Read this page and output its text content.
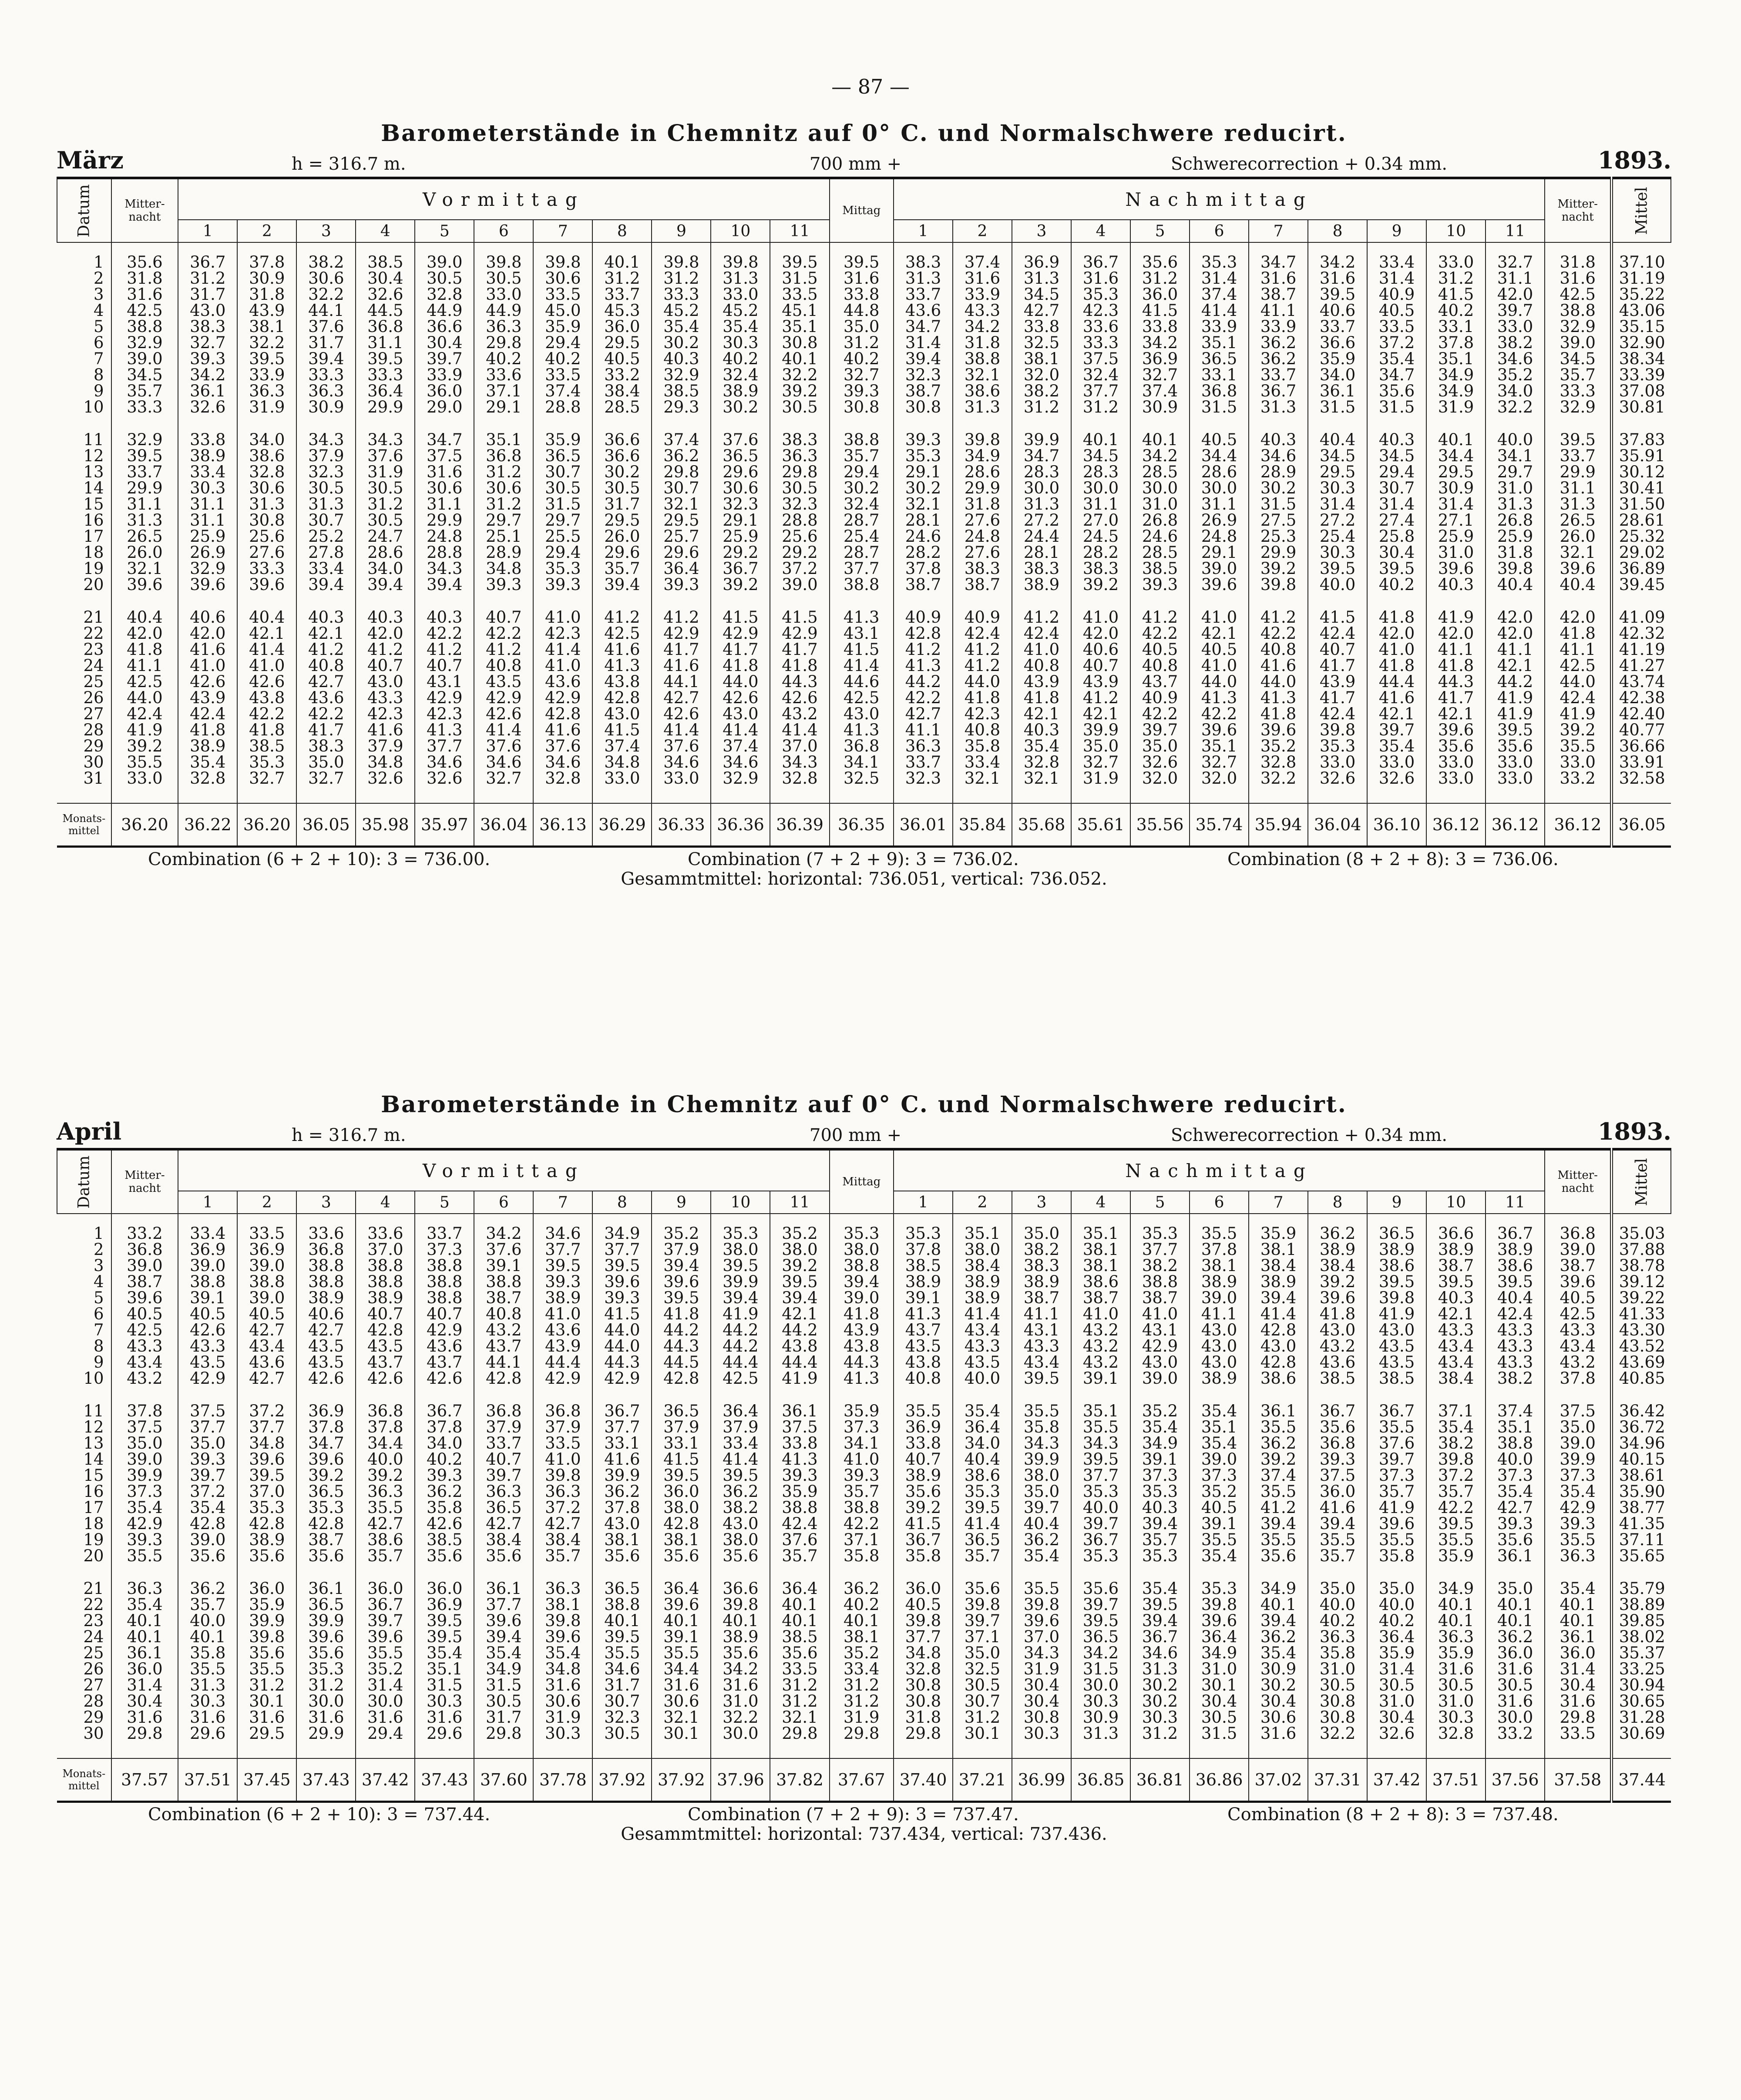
— 87 —
Barometerstände in Chemnitz auf 0° C. und Normalschwere reducirt.
März	h = 316.7 m.	700 mm +	Schwerecorrection + 0.34 mm.	1893.
Datum	Mitter-
nacht	Vormittag											Mittag	Nachmittag											Mitter-
nacht	Mittel
		1	2	3	4	5	6	7	8	9	10	11		1	2	3	4	5	6	7	8	9	10	11		

1	35.6	36.7	37.8	38.2	38.5	39.0	39.8	39.8	40.1	39.8	39.8	39.5	39.5	38.3	37.4	36.9	36.7	35.6	35.3	34.7	34.2	33.4	33.0	32.7	31.8	37.10
2	31.8	31.2	30.9	30.6	30.4	30.5	30.5	30.6	31.2	31.2	31.3	31.5	31.6	31.3	31.6	31.3	31.6	31.2	31.4	31.6	31.6	31.4	31.2	31.1	31.6	31.19
3	31.6	31.7	31.8	32.2	32.6	32.8	33.0	33.5	33.7	33.3	33.0	33.5	33.8	33.7	33.9	34.5	35.3	36.0	37.4	38.7	39.5	40.9	41.5	42.0	42.5	35.22
4	42.5	43.0	43.9	44.1	44.5	44.9	44.9	45.0	45.3	45.2	45.2	45.1	44.8	43.6	43.3	42.7	42.3	41.5	41.4	41.1	40.6	40.5	40.2	39.7	38.8	43.06
5	38.8	38.3	38.1	37.6	36.8	36.6	36.3	35.9	36.0	35.4	35.4	35.1	35.0	34.7	34.2	33.8	33.6	33.8	33.9	33.9	33.7	33.5	33.1	33.0	32.9	35.15
6	32.9	32.7	32.2	31.7	31.1	30.4	29.8	29.4	29.5	30.2	30.3	30.8	31.2	31.4	31.8	32.5	33.3	34.2	35.1	36.2	36.6	37.2	37.8	38.2	39.0	32.90
7	39.0	39.3	39.5	39.4	39.5	39.7	40.2	40.2	40.5	40.3	40.2	40.1	40.2	39.4	38.8	38.1	37.5	36.9	36.5	36.2	35.9	35.4	35.1	34.6	34.5	38.34
8	34.5	34.2	33.9	33.3	33.3	33.9	33.6	33.5	33.2	32.9	32.4	32.2	32.7	32.3	32.1	32.0	32.4	32.7	33.1	33.7	34.0	34.7	34.9	35.2	35.7	33.39
9	35.7	36.1	36.3	36.3	36.4	36.0	37.1	37.4	38.4	38.5	38.9	39.2	39.3	38.7	38.6	38.2	37.7	37.4	36.8	36.7	36.1	35.6	34.9	34.0	33.3	37.08
10	33.3	32.6	31.9	30.9	29.9	29.0	29.1	28.8	28.5	29.3	30.2	30.5	30.8	30.8	31.3	31.2	31.2	30.9	31.5	31.3	31.5	31.5	31.9	32.2	32.9	30.81

11	32.9	33.8	34.0	34.3	34.3	34.7	35.1	35.9	36.6	37.4	37.6	38.3	38.8	39.3	39.8	39.9	40.1	40.1	40.5	40.3	40.4	40.3	40.1	40.0	39.5	37.83
12	39.5	38.9	38.6	37.9	37.6	37.5	36.8	36.5	36.6	36.2	36.5	36.3	35.7	35.3	34.9	34.7	34.5	34.2	34.4	34.6	34.5	34.5	34.4	34.1	33.7	35.91
13	33.7	33.4	32.8	32.3	31.9	31.6	31.2	30.7	30.2	29.8	29.6	29.8	29.4	29.1	28.6	28.3	28.3	28.5	28.6	28.9	29.5	29.4	29.5	29.7	29.9	30.12
14	29.9	30.3	30.6	30.5	30.5	30.6	30.6	30.5	30.5	30.7	30.6	30.5	30.2	30.2	29.9	30.0	30.0	30.0	30.0	30.2	30.3	30.7	30.9	31.0	31.1	30.41
15	31.1	31.1	31.3	31.3	31.2	31.1	31.2	31.5	31.7	32.1	32.3	32.3	32.4	32.1	31.8	31.3	31.1	31.0	31.1	31.5	31.4	31.4	31.4	31.3	31.3	31.50
16	31.3	31.1	30.8	30.7	30.5	29.9	29.7	29.7	29.5	29.5	29.1	28.8	28.7	28.1	27.6	27.2	27.0	26.8	26.9	27.5	27.2	27.4	27.1	26.8	26.5	28.61
17	26.5	25.9	25.6	25.2	24.7	24.8	25.1	25.5	26.0	25.7	25.9	25.6	25.4	24.6	24.8	24.4	24.5	24.6	24.8	25.3	25.4	25.8	25.9	25.9	26.0	25.32
18	26.0	26.9	27.6	27.8	28.6	28.8	28.9	29.4	29.6	29.6	29.2	29.2	28.7	28.2	27.6	28.1	28.2	28.5	29.1	29.9	30.3	30.4	31.0	31.8	32.1	29.02
19	32.1	32.9	33.3	33.4	34.0	34.3	34.8	35.3	35.7	36.4	36.7	37.2	37.7	37.8	38.3	38.3	38.3	38.5	39.0	39.2	39.5	39.5	39.6	39.8	39.6	36.89
20	39.6	39.6	39.6	39.4	39.4	39.4	39.3	39.3	39.4	39.3	39.2	39.0	38.8	38.7	38.7	38.9	39.2	39.3	39.6	39.8	40.0	40.2	40.3	40.4	40.4	39.45

21	40.4	40.6	40.4	40.3	40.3	40.3	40.7	41.0	41.2	41.2	41.5	41.5	41.3	40.9	40.9	41.2	41.0	41.2	41.0	41.2	41.5	41.8	41.9	42.0	42.0	41.09
22	42.0	42.0	42.1	42.1	42.0	42.2	42.2	42.3	42.5	42.9	42.9	42.9	43.1	42.8	42.4	42.4	42.0	42.2	42.1	42.2	42.4	42.0	42.0	42.0	41.8	42.32
23	41.8	41.6	41.4	41.2	41.2	41.2	41.2	41.4	41.6	41.7	41.7	41.7	41.5	41.2	41.2	41.0	40.6	40.5	40.5	40.8	40.7	41.0	41.1	41.1	41.1	41.19
24	41.1	41.0	41.0	40.8	40.7	40.7	40.8	41.0	41.3	41.6	41.8	41.8	41.4	41.3	41.2	40.8	40.7	40.8	41.0	41.6	41.7	41.8	41.8	42.1	42.5	41.27
25	42.5	42.6	42.6	42.7	43.0	43.1	43.5	43.6	43.8	44.1	44.0	44.3	44.6	44.2	44.0	43.9	43.9	43.7	44.0	44.0	43.9	44.4	44.3	44.2	44.0	43.74
26	44.0	43.9	43.8	43.6	43.3	42.9	42.9	42.9	42.8	42.7	42.6	42.6	42.5	42.2	41.8	41.8	41.2	40.9	41.3	41.3	41.7	41.6	41.7	41.9	42.4	42.38
27	42.4	42.4	42.2	42.2	42.3	42.3	42.6	42.8	43.0	42.6	43.0	43.2	43.0	42.7	42.3	42.1	42.1	42.2	42.2	41.8	42.4	42.1	42.1	41.9	41.9	42.40
28	41.9	41.8	41.8	41.7	41.6	41.3	41.4	41.6	41.5	41.4	41.4	41.4	41.3	41.1	40.8	40.3	39.9	39.7	39.6	39.6	39.8	39.7	39.6	39.5	39.2	40.77
29	39.2	38.9	38.5	38.3	37.9	37.7	37.6	37.6	37.4	37.6	37.4	37.0	36.8	36.3	35.8	35.4	35.0	35.0	35.1	35.2	35.3	35.4	35.6	35.6	35.5	36.66
30	35.5	35.4	35.3	35.0	34.8	34.6	34.6	34.6	34.8	34.6	34.6	34.3	34.1	33.7	33.4	32.8	32.7	32.6	32.7	32.8	33.0	33.0	33.0	33.0	33.0	33.91
31	33.0	32.8	32.7	32.7	32.6	32.6	32.7	32.8	33.0	33.0	32.9	32.8	32.5	32.3	32.1	32.1	31.9	32.0	32.0	32.2	32.6	32.6	33.0	33.0	33.2	32.58

Monats-
mittel	36.20	36.22	36.20	36.05	35.98	35.97	36.04	36.13	36.29	36.33	36.36	36.39	36.35	36.01	35.84	35.68	35.61	35.56	35.74	35.94	36.04	36.10	36.12	36.12	36.12	36.05
Combination (6 + 2 + 10): 3 = 736.00.	Combination (7 + 2 + 9): 3 = 736.02.	Combination (8 + 2 + 8): 3 = 736.06.
Gesammtmittel: horizontal: 736.051, vertical: 736.052.
Barometerstände in Chemnitz auf 0° C. und Normalschwere reducirt.
April	h = 316.7 m.	700 mm +	Schwerecorrection + 0.34 mm.	1893.
Datum	Mitter-
nacht	Vormittag											Mittag	Nachmittag											Mitter-
nacht	Mittel
		1	2	3	4	5	6	7	8	9	10	11		1	2	3	4	5	6	7	8	9	10	11		

1	33.2	33.4	33.5	33.6	33.6	33.7	34.2	34.6	34.9	35.2	35.3	35.2	35.3	35.3	35.1	35.0	35.1	35.3	35.5	35.9	36.2	36.5	36.6	36.7	36.8	35.03
2	36.8	36.9	36.9	36.8	37.0	37.3	37.6	37.7	37.7	37.9	38.0	38.0	38.0	37.8	38.0	38.2	38.1	37.7	37.8	38.1	38.9	38.9	38.9	38.9	39.0	37.88
3	39.0	39.0	39.0	38.8	38.8	38.8	39.1	39.5	39.5	39.4	39.5	39.2	38.8	38.5	38.4	38.3	38.1	38.2	38.1	38.4	38.4	38.6	38.7	38.6	38.7	38.78
4	38.7	38.8	38.8	38.8	38.8	38.8	38.8	39.3	39.6	39.6	39.9	39.5	39.4	38.9	38.9	38.9	38.6	38.8	38.9	38.9	39.2	39.5	39.5	39.5	39.6	39.12
5	39.6	39.1	39.0	38.9	38.9	38.8	38.7	38.9	39.3	39.5	39.4	39.4	39.0	39.1	38.9	38.7	38.7	38.7	39.0	39.4	39.6	39.8	40.3	40.4	40.5	39.22
6	40.5	40.5	40.5	40.6	40.7	40.7	40.8	41.0	41.5	41.8	41.9	42.1	41.8	41.3	41.4	41.1	41.0	41.0	41.1	41.4	41.8	41.9	42.1	42.4	42.5	41.33
7	42.5	42.6	42.7	42.7	42.8	42.9	43.2	43.6	44.0	44.2	44.2	44.2	43.9	43.7	43.4	43.1	43.2	43.1	43.0	42.8	43.0	43.0	43.3	43.3	43.3	43.30
8	43.3	43.3	43.4	43.5	43.5	43.6	43.7	43.9	44.0	44.3	44.2	43.8	43.8	43.5	43.3	43.3	43.2	42.9	43.0	43.0	43.2	43.5	43.4	43.3	43.4	43.52
9	43.4	43.5	43.6	43.5	43.7	43.7	44.1	44.4	44.3	44.5	44.4	44.4	44.3	43.8	43.5	43.4	43.2	43.0	43.0	42.8	43.6	43.5	43.4	43.3	43.2	43.69
10	43.2	42.9	42.7	42.6	42.6	42.6	42.8	42.9	42.9	42.8	42.5	41.9	41.3	40.8	40.0	39.5	39.1	39.0	38.9	38.6	38.5	38.5	38.4	38.2	37.8	40.85

11	37.8	37.5	37.2	36.9	36.8	36.7	36.8	36.8	36.7	36.5	36.4	36.1	35.9	35.5	35.4	35.5	35.1	35.2	35.4	36.1	36.7	36.7	37.1	37.4	37.5	36.42
12	37.5	37.7	37.7	37.8	37.8	37.8	37.9	37.9	37.7	37.9	37.9	37.5	37.3	36.9	36.4	35.8	35.5	35.4	35.1	35.5	35.6	35.5	35.4	35.1	35.0	36.72
13	35.0	35.0	34.8	34.7	34.4	34.0	33.7	33.5	33.1	33.1	33.4	33.8	34.1	33.8	34.0	34.3	34.3	34.9	35.4	36.2	36.8	37.6	38.2	38.8	39.0	34.96
14	39.0	39.3	39.6	39.6	40.0	40.2	40.7	41.0	41.6	41.5	41.4	41.3	41.0	40.7	40.4	39.9	39.5	39.1	39.0	39.2	39.3	39.7	39.8	40.0	39.9	40.15
15	39.9	39.7	39.5	39.2	39.2	39.3	39.7	39.8	39.9	39.5	39.5	39.3	39.3	38.9	38.6	38.0	37.7	37.3	37.3	37.4	37.5	37.3	37.2	37.3	37.3	38.61
16	37.3	37.2	37.0	36.5	36.3	36.2	36.3	36.3	36.2	36.0	36.2	35.9	35.7	35.6	35.3	35.0	35.3	35.3	35.2	35.5	36.0	35.7	35.7	35.4	35.4	35.90
17	35.4	35.4	35.3	35.3	35.5	35.8	36.5	37.2	37.8	38.0	38.2	38.8	38.8	39.2	39.5	39.7	40.0	40.3	40.5	41.2	41.6	41.9	42.2	42.7	42.9	38.77
18	42.9	42.8	42.8	42.8	42.7	42.6	42.7	42.7	43.0	42.8	43.0	42.4	42.2	41.5	41.4	40.4	39.7	39.4	39.1	39.4	39.4	39.6	39.5	39.3	39.3	41.35
19	39.3	39.0	38.9	38.7	38.6	38.5	38.4	38.4	38.1	38.1	38.0	37.6	37.1	36.7	36.5	36.2	36.7	35.7	35.5	35.5	35.5	35.5	35.5	35.6	35.5	37.11
20	35.5	35.6	35.6	35.6	35.7	35.6	35.6	35.7	35.6	35.6	35.6	35.7	35.8	35.8	35.7	35.4	35.3	35.3	35.4	35.6	35.7	35.8	35.9	36.1	36.3	35.65

21	36.3	36.2	36.0	36.1	36.0	36.0	36.1	36.3	36.5	36.4	36.6	36.4	36.2	36.0	35.6	35.5	35.6	35.4	35.3	34.9	35.0	35.0	34.9	35.0	35.4	35.79
22	35.4	35.7	35.9	36.5	36.7	36.9	37.7	38.1	38.8	39.6	39.8	40.1	40.2	40.5	39.8	39.8	39.7	39.5	39.8	40.1	40.0	40.0	40.1	40.1	40.1	38.89
23	40.1	40.0	39.9	39.9	39.7	39.5	39.6	39.8	40.1	40.1	40.1	40.1	40.1	39.8	39.7	39.6	39.5	39.4	39.6	39.4	40.2	40.2	40.1	40.1	40.1	39.85
24	40.1	40.1	39.8	39.6	39.6	39.5	39.4	39.6	39.5	39.1	38.9	38.5	38.1	37.7	37.1	37.0	36.5	36.7	36.4	36.2	36.3	36.4	36.3	36.2	36.1	38.02
25	36.1	35.8	35.6	35.6	35.5	35.4	35.4	35.4	35.5	35.5	35.6	35.6	35.2	34.8	35.0	34.3	34.2	34.6	34.9	35.4	35.8	35.9	35.9	36.0	36.0	35.37
26	36.0	35.5	35.5	35.3	35.2	35.1	34.9	34.8	34.6	34.4	34.2	33.5	33.4	32.8	32.5	31.9	31.5	31.3	31.0	30.9	31.0	31.4	31.6	31.6	31.4	33.25
27	31.4	31.3	31.2	31.2	31.4	31.5	31.5	31.6	31.7	31.6	31.6	31.2	31.2	30.8	30.5	30.4	30.0	30.2	30.1	30.2	30.5	30.5	30.5	30.5	30.4	30.94
28	30.4	30.3	30.1	30.0	30.0	30.3	30.5	30.6	30.7	30.6	31.0	31.2	31.2	30.8	30.7	30.4	30.3	30.2	30.4	30.4	30.8	31.0	31.0	31.6	31.6	30.65
29	31.6	31.6	31.6	31.6	31.6	31.6	31.7	31.9	32.3	32.1	32.2	32.1	31.9	31.8	31.2	30.8	30.9	30.3	30.5	30.6	30.8	30.4	30.3	30.0	29.8	31.28
30	29.8	29.6	29.5	29.9	29.4	29.6	29.8	30.3	30.5	30.1	30.0	29.8	29.8	29.8	30.1	30.3	31.3	31.2	31.5	31.6	32.2	32.6	32.8	33.2	33.5	30.69

Monats-
mittel	37.57	37.51	37.45	37.43	37.42	37.43	37.60	37.78	37.92	37.92	37.96	37.82	37.67	37.40	37.21	36.99	36.85	36.81	36.86	37.02	37.31	37.42	37.51	37.56	37.58	37.44
Combination (6 + 2 + 10): 3 = 737.44.	Combination (7 + 2 + 9): 3 = 737.47.	Combination (8 + 2 + 8): 3 = 737.48.
Gesammtmittel: horizontal: 737.434, vertical: 737.436.
